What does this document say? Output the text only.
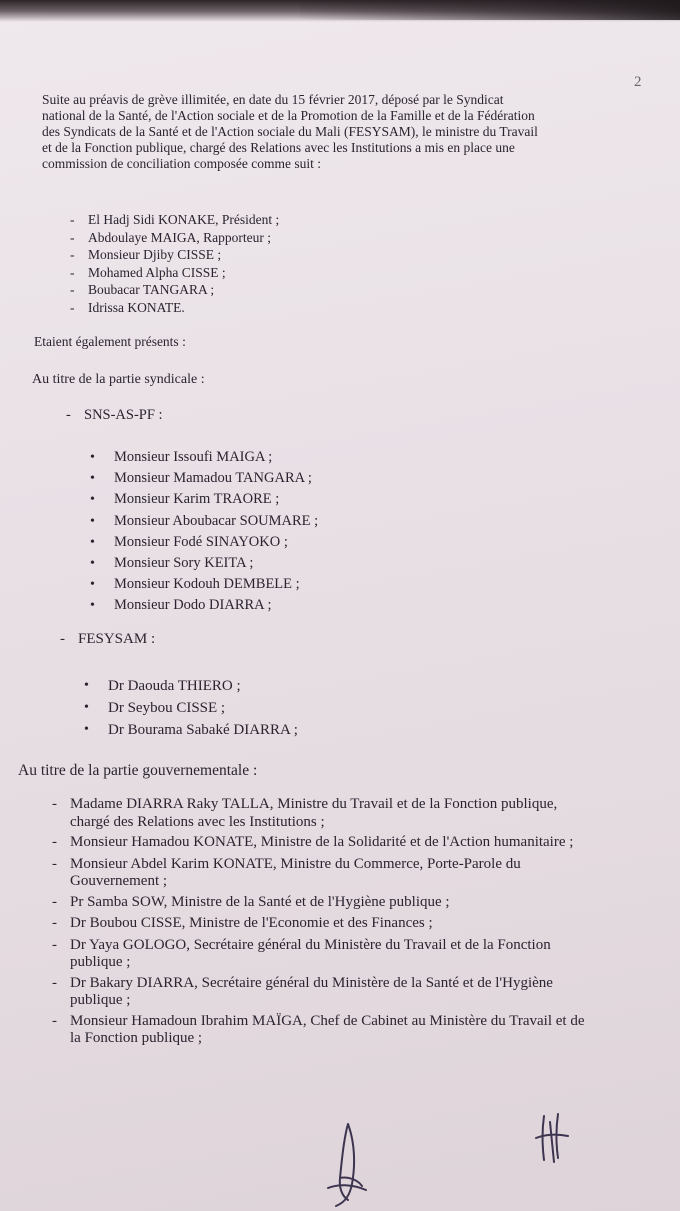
2
Suite au préavis de grève illimitée, en date du 15 février 2017, déposé par le Syndicat
national de la Santé, de l'Action sociale et de la Promotion de la Famille et de la Fédération
des Syndicats de la Santé et de l'Action sociale du Mali (FESYSAM), le ministre du Travail
et de la Fonction publique, chargé des Relations avec les Institutions a mis en place une
commission de conciliation composée comme suit :
- El Hadj Sidi KONAKE, Président ;
- Abdoulaye MAIGA, Rapporteur ;
- Monsieur Djiby CISSE ;
- Mohamed Alpha CISSE ;
- Boubacar TANGARA ;
- Idrissa KONATE.
Etaient également présents :
Au titre de la partie syndicale :
- SNS-AS-PF :
• Monsieur Issoufi MAIGA ;
• Monsieur Mamadou TANGARA ;
• Monsieur Karim TRAORE ;
• Monsieur Aboubacar SOUMARE ;
• Monsieur Fodé SINAYOKO ;
• Monsieur Sory KEITA ;
• Monsieur Kodouh DEMBELE ;
• Monsieur Dodo DIARRA ;
- FESYSAM :
• Dr Daouda THIERO ;
• Dr Seybou CISSE ;
• Dr Bourama Sabaké DIARRA ;
Au titre de la partie gouvernementale :
- Madame DIARRA Raky TALLA, Ministre du Travail et de la Fonction publique,
chargé des Relations avec les Institutions ;
- Monsieur Hamadou KONATE, Ministre de la Solidarité et de l'Action humanitaire ;
- Monsieur Abdel Karim KONATE, Ministre du Commerce, Porte-Parole du
Gouvernement ;
- Pr Samba SOW, Ministre de la Santé et de l'Hygiène publique ;
- Dr Boubou CISSE, Ministre de l'Economie et des Finances ;
- Dr Yaya GOLOGO, Secrétaire général du Ministère du Travail et de la Fonction
publique ;
- Dr Bakary DIARRA, Secrétaire général du Ministère de la Santé et de l'Hygiène
publique ;
- Monsieur Hamadoun Ibrahim MAÏGA, Chef de Cabinet au Ministère du Travail et de
la Fonction publique ;
